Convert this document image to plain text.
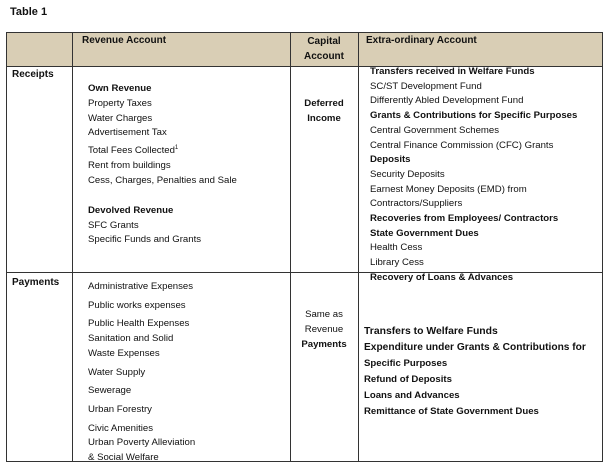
Table 1
Revenue Account	Capital
Account
Extra-ordinary Account
Receipts
Payments
Own Revenue
Property Taxes
Water Charges
Advertisement Tax
Total Fees Collected$^1$
Rent from buildings
Cess, Charges, Penalties and Sale
Devolved Revenue
SFC Grants
Specific Funds and Grants
Deferred
Income
Transfers received in Welfare Funds
SC/ST Development Fund
Differently Abled Development Fund
Grants & Contributions for Specific Purposes
Central Government Schemes
Central Finance Commission (CFC) Grants
Deposits
Security Deposits
Earnest Money Deposits (EMD) from
Contractors/Suppliers
Recoveries from Employees/ Contractors
State Government Dues
Health Cess
Library Cess
Recovery of Loans & Advances
Administrative Expenses
Public works expenses
Public Health Expenses
Sanitation and Solid
Waste Expenses
Water Supply
Sewerage
Urban Forestry
Civic Amenities
Urban Poverty Alleviation
& Social Welfare
Same as
Revenue
Payments
Transfers to Welfare Funds
Expenditure under Grants & Contributions for
Specific Purposes
Refund of Deposits
Loans and Advances
Remittance of State Government Dues
